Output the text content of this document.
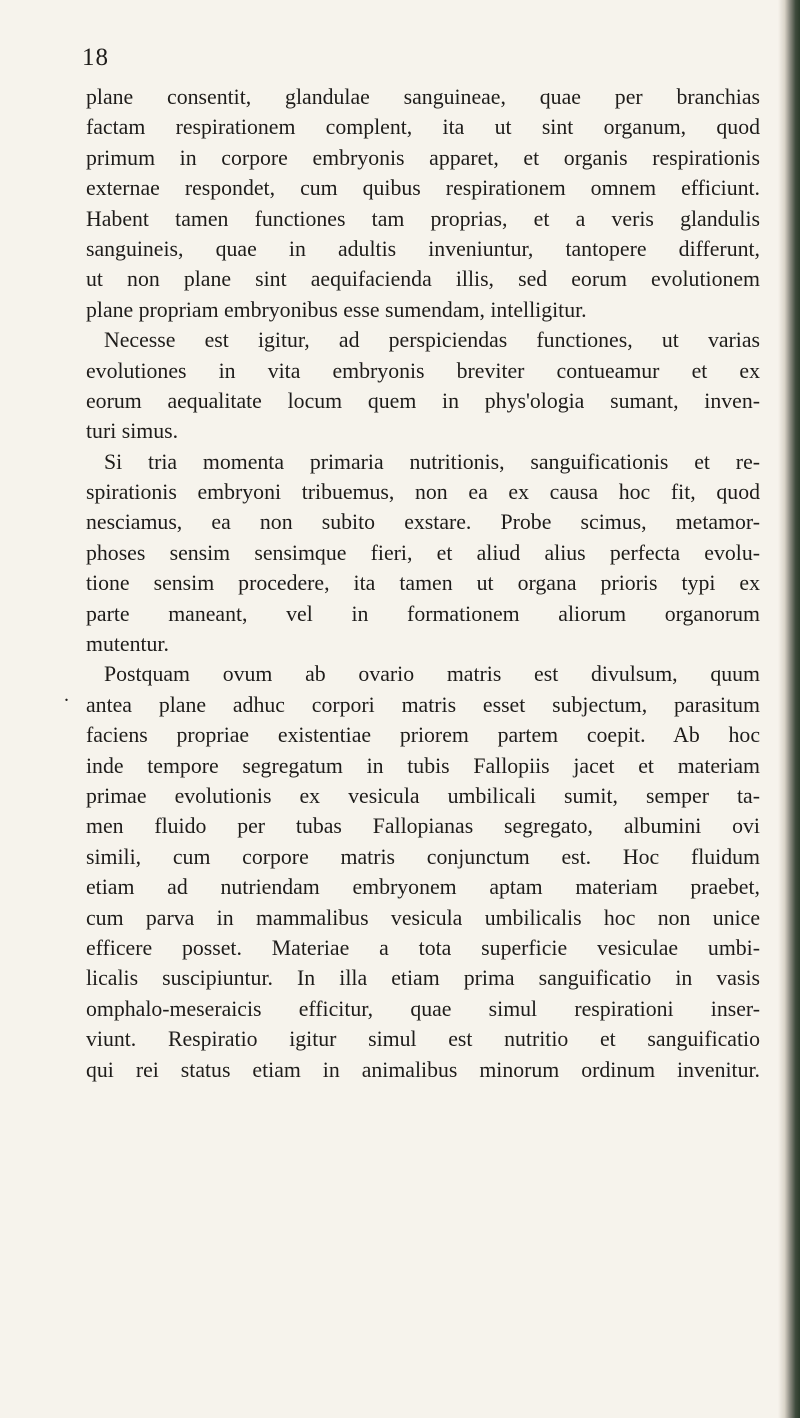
18
.
plane consentit, glandulae sanguineae, quae per branchias
factam respirationem complent, ita ut sint organum, quod
primum in corpore embryonis apparet, et organis respirationis
externae respondet, cum quibus respirationem omnem efficiunt.
Habent tamen functiones tam proprias, et a veris glandulis
sanguineis, quae in adultis inveniuntur, tantopere differunt,
ut non plane sint aequifacienda illis, sed eorum evolutionem
plane propriam embryonibus esse sumendam, intelligitur.
Necesse est igitur, ad perspiciendas functiones, ut varias
evolutiones in vita embryonis breviter contueamur et ex
eorum aequalitate locum quem in phys'ologia sumant, inven-
turi simus.
Si tria momenta primaria nutritionis, sanguificationis et re-
spirationis embryoni tribuemus, non ea ex causa hoc fit, quod
nesciamus, ea non subito exstare. Probe scimus, metamor-
phoses sensim sensimque fieri, et aliud alius perfecta evolu-
tione sensim procedere, ita tamen ut organa prioris typi ex
parte maneant, vel in formationem aliorum organorum
mutentur.
Postquam ovum ab ovario matris est divulsum, quum
antea plane adhuc corpori matris esset subjectum, parasitum
faciens propriae existentiae priorem partem coepit. Ab hoc
inde tempore segregatum in tubis Fallopiis jacet et materiam
primae evolutionis ex vesicula umbilicali sumit, semper ta-
men fluido per tubas Fallopianas segregato, albumini ovi
simili, cum corpore matris conjunctum est. Hoc fluidum
etiam ad nutriendam embryonem aptam materiam praebet,
cum parva in mammalibus vesicula umbilicalis hoc non unice
efficere posset. Materiae a tota superficie vesiculae umbi-
licalis suscipiuntur. In illa etiam prima sanguificatio in vasis
omphalo-meseraicis efficitur, quae simul respirationi inser-
viunt. Respiratio igitur simul est nutritio et sanguificatio
qui rei status etiam in animalibus minorum ordinum invenitur.
